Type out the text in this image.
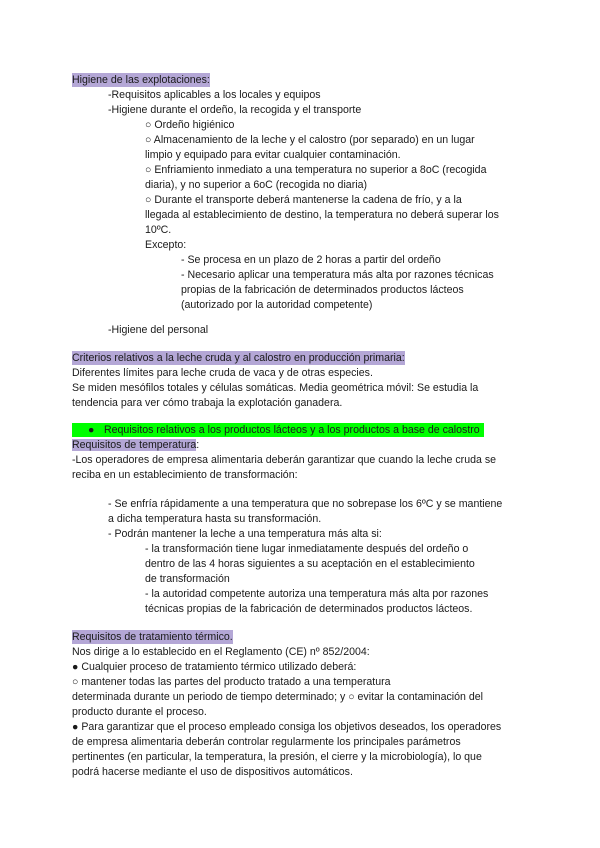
Higiene de las explotaciones:
-Requisitos aplicables a los locales y equipos
-Higiene durante el ordeño, la recogida y el transporte
○ Ordeño higiénico
○ Almacenamiento de la leche y el calostro (por separado) en un lugar
limpio y equipado para evitar cualquier contaminación.
○ Enfriamiento inmediato a una temperatura no superior a 8oC (recogida
diaria), y no superior a 6oC (recogida no diaria)
○ Durante el transporte deberá mantenerse la cadena de frío, y a la
llegada al establecimiento de destino, la temperatura no deberá superar los
10ºC.
Excepto:
- Se procesa en un plazo de 2 horas a partir del ordeño
- Necesario aplicar una temperatura más alta por razones técnicas
propias de la fabricación de determinados productos lácteos
(autorizado por la autoridad competente)
-Higiene del personal
Criterios relativos a la leche cruda y al calostro en producción primaria:
Diferentes límites para leche cruda de vaca y de otras especies.
Se miden mesófilos totales y células somáticas. Media geométrica móvil: Se estudia la
tendencia para ver cómo trabaja la explotación ganadera.
● Requisitos relativos a los productos lácteos y a los productos a base de calostro
Requisitos de temperatura:
-Los operadores de empresa alimentaria deberán garantizar que cuando la leche cruda se
reciba en un establecimiento de transformación:
- Se enfría rápidamente a una temperatura que no sobrepase los 6ºC y se mantiene
a dicha temperatura hasta su transformación.
- Podrán mantener la leche a una temperatura más alta si:
- la transformación tiene lugar inmediatamente después del ordeño o
dentro de las 4 horas siguientes a su aceptación en el establecimiento
de transformación
- la autoridad competente autoriza una temperatura más alta por razones
técnicas propias de la fabricación de determinados productos lácteos.
Requisitos de tratamiento térmico.
Nos dirige a lo establecido en el Reglamento (CE) nº 852/2004:
● Cualquier proceso de tratamiento térmico utilizado deberá:
○ mantener todas las partes del producto tratado a una temperatura
determinada durante un periodo de tiempo determinado; y ○ evitar la contaminación del
producto durante el proceso.
● Para garantizar que el proceso empleado consiga los objetivos deseados, los operadores
de empresa alimentaria deberán controlar regularmente los principales parámetros
pertinentes (en particular, la temperatura, la presión, el cierre y la microbiología), lo que
podrá hacerse mediante el uso de dispositivos automáticos.
